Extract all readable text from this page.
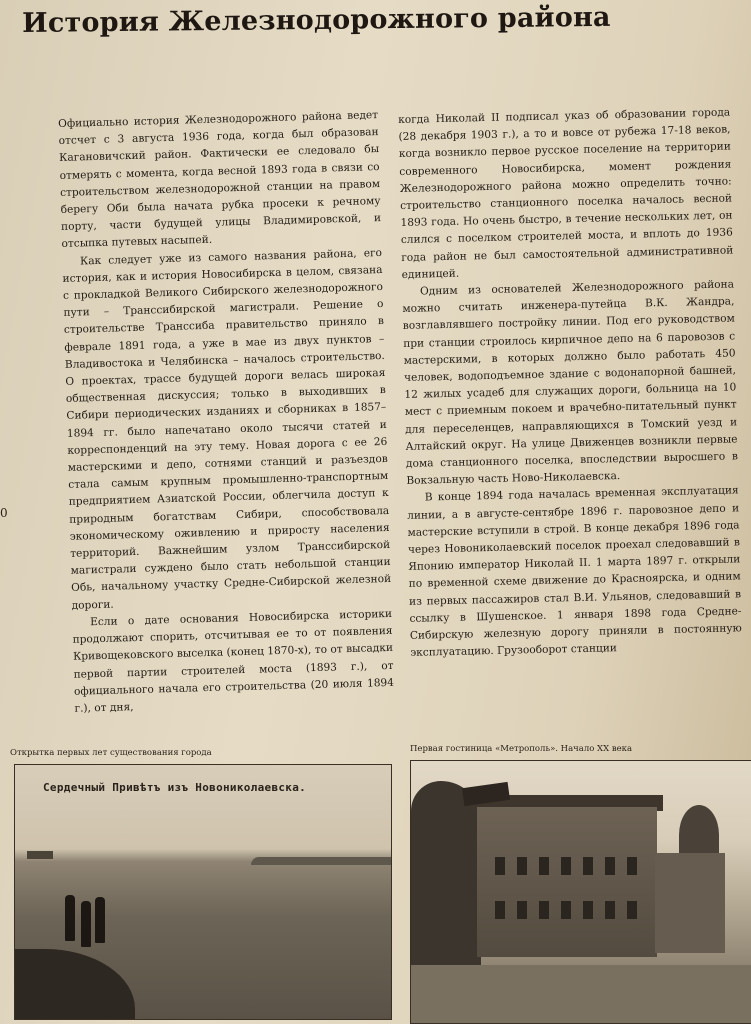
История Железнодорожного района
0

Официально история Железнодорожного района ведет отсчет с 3 августа 1936 года, когда был образован Кагановичский район. Фактически ее следовало бы отмерять с момента, когда весной 1893 года в связи со строительством железнодорожной станции на правом берегу Оби была начата рубка просеки к речному порту, части будущей улицы Владимировской, и отсыпка путевых насыпей.

Как следует уже из самого названия района, его история, как и история Новосибирска в целом, связана с прокладкой Великого Сибирского железнодорожного пути – Транссибирской магистрали. Решение о строительстве Транссиба правительство приняло в феврале 1891 года, а уже в мае из двух пунктов – Владивостока и Челябинска – началось строительство. О проектах, трассе будущей дороги велась широкая общественная дискуссия; только в выходивших в Сибири периодических изданиях и сборниках в 1857–1894 гг. было напечатано около тысячи статей и корреспонденций на эту тему. Новая дорога с ее 26 мастерскими и депо, сотнями станций и разъездов стала самым крупным промышленно-транспортным предприятием Азиатской России, облегчила доступ к природным богатствам Сибири, способствовала экономическому оживлению и приросту населения территорий. Важнейшим узлом Транссибирской магистрали суждено было стать небольшой станции Обь, начальному участку Средне-Сибирской железной дороги.

Если о дате основания Новосибирска историки продолжают спорить, отсчитывая ее то от появления Кривощековского выселка (конец 1870-х), то от высадки первой партии строителей моста (1893 г.), от официального начала его строительства (20 июля 1894 г.), от дня,

когда Николай II подписал указ об образовании города (28 декабря 1903 г.), а то и вовсе от рубежа 17-18 веков, когда возникло первое русское поселение на территории современного Новосибирска, момент рождения Железнодорожного района можно определить точно: строительство станционного поселка началось весной 1893 года. Но очень быстро, в течение нескольких лет, он слился с поселком строителей моста, и вплоть до 1936 года район не был самостоятельной административной единицей.

Одним из основателей Железнодорожного района можно считать инженера-путейца В.К. Жандра, возглавлявшего постройку линии. Под его руководством при станции строилось кирпичное депо на 6 паровозов с мастерскими, в которых должно было работать 450 человек, водоподъемное здание с водонапорной башней, 12 жилых усадеб для служащих дороги, больница на 10 мест с приемным покоем и врачебно-питательный пункт для переселенцев, направляющихся в Томский уезд и Алтайский округ. На улице Движенцев возникли первые дома станционного поселка, впоследствии выросшего в Вокзальную часть Ново-Николаевска.

В конце 1894 года началась временная эксплуатация линии, а в августе-сентябре 1896 г. паровозное депо и мастерские вступили в строй. В конце декабря 1896 года через Новониколаевский поселок проехал следовавший в Японию император Николай II. 1 марта 1897 г. открыли по временной схеме движение до Красноярска, и одним из первых пассажиров стал В.И. Ульянов, следовавший в ссылку в Шушенское. 1 января 1898 года Средне-Сибирскую железную дорогу приняли в постоянную эксплуатацию. Грузооборот станции

Открытка первых лет существования города	Первая гостиница «Метрополь». Начало XX века
Сердечный Привѣтъ изъ Новониколаевска.
